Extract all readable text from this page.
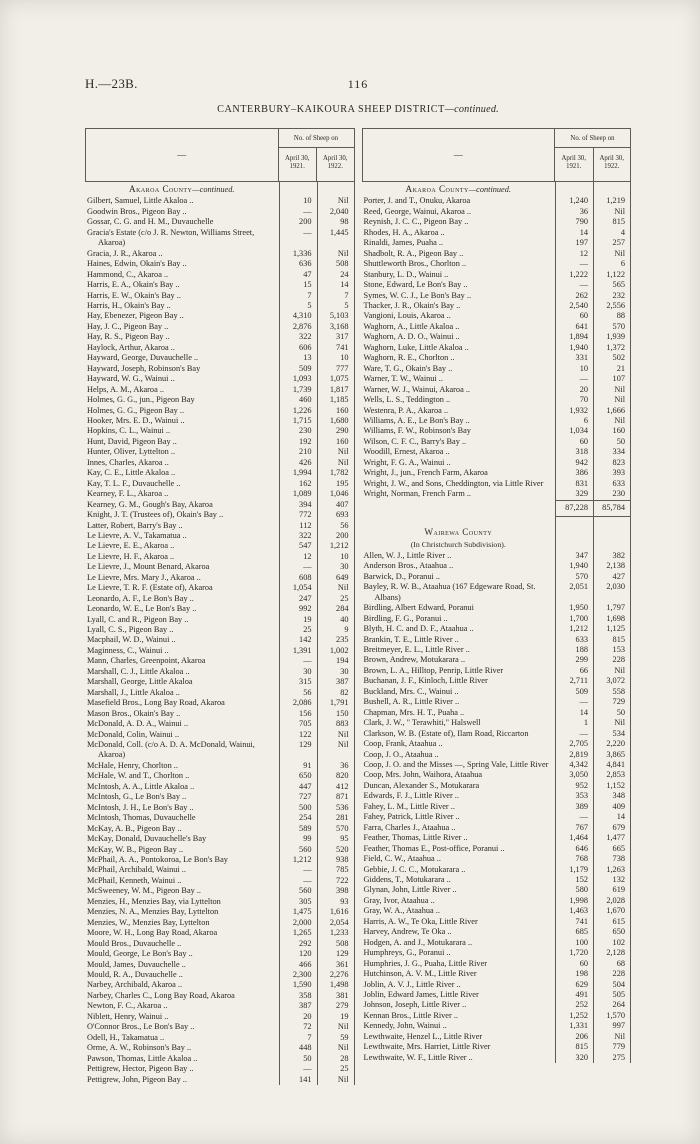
H.—23B.	116
CANTERBURY–KAIKOURA SHEEP DISTRICT—continued.
—
No. of Sheep on
April 30, 1921.
April 30, 1922.
Akaroa County—continued.
Gilbert, Samuel, Little Akaloa ..	10	Nil
Goodwin Bros., Pigeon Bay ..	—	2,040
Gossar, C. G. and H. M., Duvauchelle	200	98
Gracia's Estate (c/o J. R. Newton, Williams Street, Akaroa)
—	1,445
Gracia, J. R., Akaroa ..	1,336	Nil
Haines, Edwin, Okain's Bay ..	636	508
Hammond, C., Akaroa ..	47	24
Harris, E. A., Okain's Bay ..	15	14
Harris, E. W., Okain's Bay ..	7	7
Harris, H., Okain's Bay ..	5	5
Hay, Ebenezer, Pigeon Bay ..	4,310	5,103
Hay, J. C., Pigeon Bay ..	2,876	3,168
Hay, R. S., Pigeon Bay ..	322	317
Haylock, Arthur, Akaroa ..	606	741
Hayward, George, Duvauchelle ..	13	10
Hayward, Joseph, Robinson's Bay	509	777
Hayward, W. G., Wainui ..	1,093	1,075
Helps, A. M., Akaroa ..	1,739	1,817
Holmes, G. G., jun., Pigeon Bay	460	1,185
Holmes, G. G., Pigeon Bay ..	1,226	160
Hooker, Mrs. E. D., Wainui ..	1,715	1,680
Hopkins, C. L., Wainui ..	230	290
Hunt, David, Pigeon Bay ..	192	160
Hunter, Oliver, Lyttelton ..	210	Nil
Innes, Charles, Akaroa ..	426	Nil
Kay, C. E., Little Akaloa ..	1,994	1,782
Kay, T. L. F., Duvauchelle ..	162	195
Kearney, F. L., Akaroa ..	1,089	1,046
Kearney, G. M., Gough's Bay, Akaroa	394	407
Knight, J. T. (Trustees of), Okain's Bay ..	772	693
Latter, Robert, Barry's Bay ..	112	56
Le Lievre, A. V., Takamatua ..	322	200
Le Lievre, E. E., Akaroa ..	547	1,212
Le Lievre, H. F., Akaroa ..	12	10
Le Lievre, J., Mount Benard, Akaroa	—	30
Le Lievre, Mrs. Mary J., Akaroa ..	608	649
Le Lievre, T. R. F. (Estate of), Akaroa	1,054	Nil
Leonardo, A. F., Le Bon's Bay ..	247	25
Leonardo, W. E., Le Bon's Bay ..	992	284
Lyall, C. and R., Pigeon Bay ..	19	40
Lyall, C. S., Pigeon Bay ..	25	9
Macphail, W. D., Wainui ..	142	235
Maginness, C., Wainui ..	1,391	1,002
Mann, Charles, Greenpoint, Akaroa	—	194
Marshall, C. J., Little Akaloa ..	30	30
Marshall, George, Little Akaloa	315	387
Marshall, J., Little Akaloa ..	56	82
Masefield Bros., Long Bay Road, Akaroa	2,086	1,791
Mason Bros., Okain's Bay ..	156	150
McDonald, A. D. A., Wainui ..	705	883
McDonald, Colin, Wainui ..	122	Nil
McDonald, Coll. (c/o A. D. A. McDonald, Wainui, Akaroa)
129	Nil
McHale, Henry, Chorlton ..	91	36
McHale, W. and T., Chorlton ..	650	820
McIntosh, A. A., Little Akaloa ..	447	412
McIntosh, G., Le Bon's Bay ..	727	871
McIntosh, J. H., Le Bon's Bay ..	500	536
McIntosh, Thomas, Duvauchelle	254	281
McKay, A. B., Pigeon Bay ..	589	570
McKay, Donald, Duvauchelle's Bay	99	95
McKay, W. B., Pigeon Bay ..	560	520
McPhail, A. A., Pontokoroa, Le Bon's Bay	1,212	938
McPhail, Archibald, Wainui ..	—	785
McPhail, Kenneth, Wainui ..	—	722
McSweeney, W. M., Pigeon Bay ..	560	398
Menzies, H., Menzies Bay, via Lyttelton	305	93
Menzies, N. A., Menzies Bay, Lyttelton	1,475	1,616
Menzies, W., Menzies Bay, Lyttelton	2,000	2,054
Moore, W. H., Long Bay Road, Akaroa	1,265	1,233
Mould Bros., Duvauchelle ..	292	508
Mould, George, Le Bon's Bay ..	120	129
Mould, James, Duvauchelle ..	466	361
Mould, R. A., Duvauchelle ..	2,300	2,276
Narbey, Archibald, Akaroa ..	1,590	1,498
Narbey, Charles C., Long Bay Road, Akaroa	358	381
Newton, F. C., Akaroa ..	387	279
Niblett, Henry, Wainui ..	20	19
O'Connor Bros., Le Bon's Bay ..	72	Nil
Odell, H., Takamatua ..	7	59
Orme, A. W., Robinson's Bay ..	448	Nil
Pawson, Thomas, Little Akaloa ..	50	28
Pettigrew, Hector, Pigeon Bay ..	—	25
Pettigrew, John, Pigeon Bay ..	141	Nil
—
No. of Sheep on
April 30, 1921.
April 30, 1922.
Akaroa County—continued.
Porter, J. and T., Onuku, Akaroa	1,240	1,219
Reed, George, Wainui, Akaroa ..	36	Nil
Reynish, J. C. C., Pigeon Bay ..	790	815
Rhodes, H. A., Akaroa ..	14	4
Rinaldi, James, Puaha ..	197	257
Shadbolt, R. A., Pigeon Bay ..	12	Nil
Shuttleworth Bros., Chorlton ..	—	6
Stanbury, L. D., Wainui ..	1,222	1,122
Stone, Edward, Le Bon's Bay ..	—	565
Symes, W. C. J., Le Bon's Bay ..	262	232
Thacker, J. R., Okain's Bay ..	2,540	2,556
Vangioni, Louis, Akaroa ..	60	88
Waghorn, A., Little Akaloa ..	641	570
Waghorn, A. D. O., Wainui ..	1,894	1,939
Waghorn, Luke, Little Akaloa ..	1,940	1,372
Waghorn, R. E., Chorlton ..	331	502
Ware, T. G., Okain's Bay ..	10	21
Warner, T. W., Wainui ..	—	107
Warner, W. J., Wainui, Akaroa ..	20	Nil
Wells, L. S., Teddington ..	70	Nil
Westenra, P. A., Akaroa ..	1,932	1,666
Williams, A. E., Le Bon's Bay ..	6	Nil
Williams, F. W., Robinson's Bay	1,034	160
Wilson, C. F. C., Barry's Bay ..	60	50
Woodill, Ernest, Akaroa ..	318	334
Wright, F. G. A., Wainui ..	942	823
Wright, J., jun., French Farm, Akaroa	386	393
Wright, J. W., and Sons, Cheddington, via Little River	831	633
Wright, Norman, French Farm ..	329	230
87,228	85,784
Wairewa County
(In Christchurch Subdivision).
Allen, W. J., Little River ..	347	382
Anderson Bros., Ataahua ..	1,940	2,138
Barwick, D., Poranui ..	570	427
Bayley, R. W. B., Ataahua (167 Edgeware Road, St. Albans)
2,051	2,030
Birdling, Albert Edward, Poranui	1,950	1,797
Birdling, F. G., Poranui ..	1,700	1,698
Blyth, H. C. and D. F., Ataahua ..	1,212	1,125
Brankin, T. E., Little River ..	633	815
Breitmeyer, E. L., Little River ..	188	153
Brown, Andrew, Motukarara ..	299	228
Brown, L. A., Hilltop, Penrip, Little River	66	Nil
Buchanan, J. F., Kinloch, Little River	2,711	3,072
Buckland, Mrs. C., Wainui ..	509	558
Bushell, A. R., Little River ..	—	729
Chapman, Mrs. H. T., Puaha ..	14	50
Clark, J. W., " Terawhiti," Halswell	1	Nil
Clarkson, W. B. (Estate of), Ilam Road, Riccarton	—	534
Coop, Frank, Ataahua ..	2,705	2,220
Coop, J. O., Ataahua ..	2,819	3,865
Coop, J. O. and the Misses —, Spring Vale, Little River	4,342	4,841
Coop, Mrs. John, Waihora, Ataahua	3,050	2,853
Duncan, Alexander S., Motukarara	952	1,152
Edwards, F. J., Little River ..	353	348
Fahey, L. M., Little River ..	389	409
Fahey, Patrick, Little River ..	—	14
Farra, Charles J., Ataahua ..	767	679
Feather, Thomas, Little River ..	1,464	1,477
Feather, Thomas E., Post-office, Poranui ..	646	665
Field, C. W., Ataahua ..	768	738
Gebbie, J. C. C., Motukarara ..	1,179	1,263
Giddens, T., Motukarara ..	152	132
Glynan, John, Little River ..	580	619
Gray, Ivor, Ataahua ..	1,998	2,028
Gray, W. A., Ataahua ..	1,463	1,670
Harris, A. W., Te Oka, Little River	741	615
Harvey, Andrew, Te Oka ..	685	650
Hodgen, A. and J., Motukarara ..	100	102
Humphreys, G., Poranui ..	1,720	2,128
Humphries, J. G., Puaha, Little River	60	68
Hutchinson, A. V. M., Little River	198	228
Joblin, A. V. J., Little River ..	629	504
Joblin, Edward James, Little River	491	505
Johnson, Joseph, Little River ..	252	264
Kennan Bros., Little River ..	1,252	1,570
Kennedy, John, Wainui ..	1,331	997
Lewthwaite, Henzel L., Little River	206	Nil
Lewthwaite, Mrs. Harriet, Little River	815	779
Lewthwaite, W. F., Little River ..	320	275
